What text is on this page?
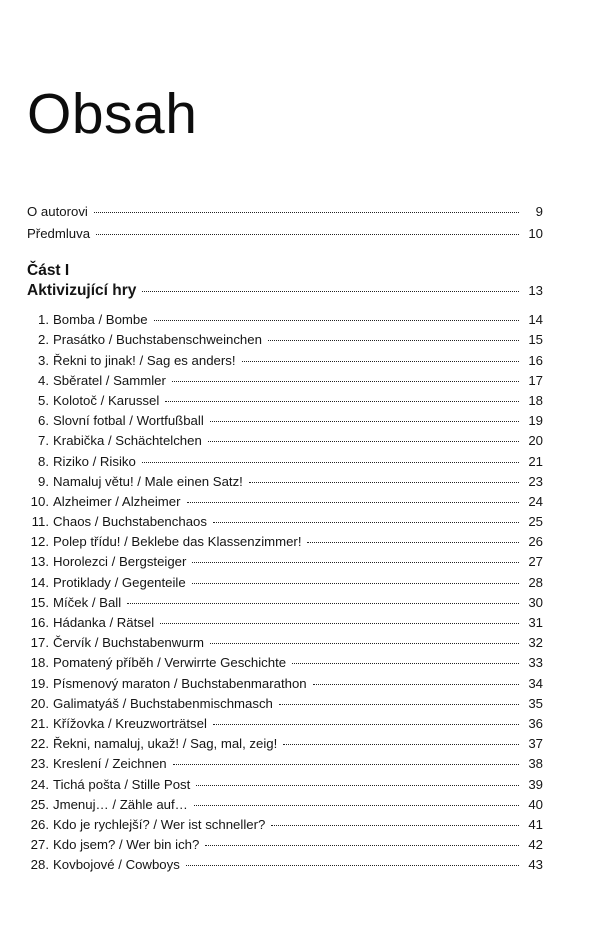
Obsah
O autorovi	9
Předmluva	10
Část I
Aktivizující hry	13
1. Bomba / Bombe	14
2. Prasátko / Buchstabenschweinchen	15
3. Řekni to jinak! / Sag es anders!	16
4. Sběratel / Sammler	17
5. Kolotoč / Karussel	18
6. Slovní fotbal / Wortfußball	19
7. Krabička / Schächtelchen	20
8. Riziko / Risiko	21
9. Namaluj větu! / Male einen Satz!	23
10. Alzheimer / Alzheimer	24
11. Chaos / Buchstabenchaos	25
12. Polep třídu! / Beklebe das Klassenzimmer!	26
13. Horolezci / Bergsteiger	27
14. Protiklady / Gegenteile	28
15. Míček / Ball	30
16. Hádanka / Rätsel	31
17. Červík / Buchstabenwurm	32
18. Pomatený příběh / Verwirrte Geschichte	33
19. Písmenový maraton / Buchstabenmarathon	34
20. Galimatyáš / Buchstabenmischmasch	35
21. Křížovka / Kreuzworträtsel	36
22. Řekni, namaluj, ukaž! / Sag, mal, zeig!	37
23. Kreslení / Zeichnen	38
24. Tichá pošta / Stille Post	39
25. Jmenuj… / Zähle auf…	40
26. Kdo je rychlejší? / Wer ist schneller?	41
27. Kdo jsem? / Wer bin ich?	42
28. Kovbojové / Cowboys	43
